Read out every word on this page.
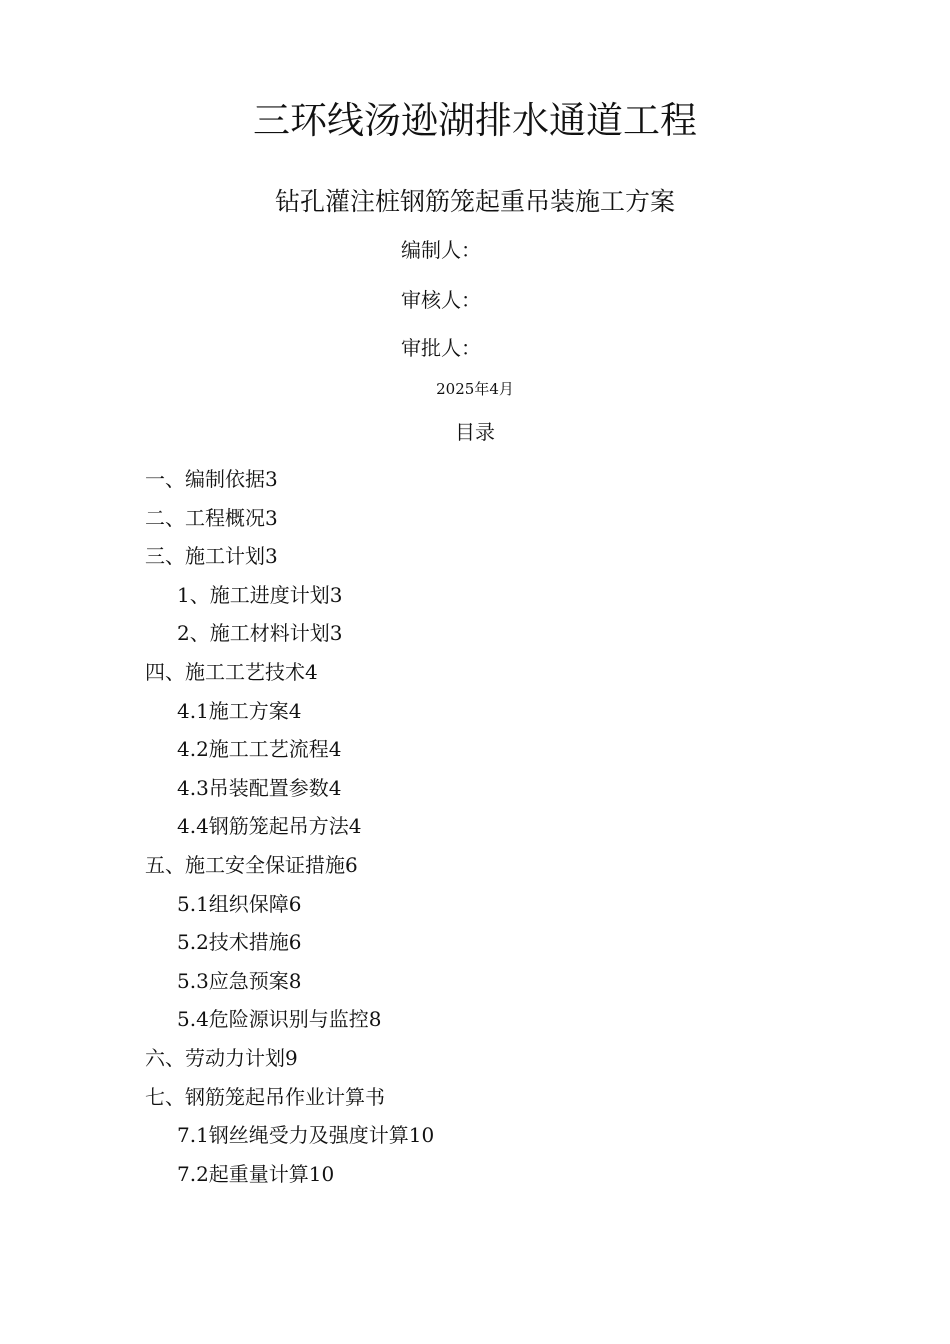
三环线汤逊湖排水通道工程
钻孔灌注桩钢筋笼起重吊装施工方案
编制人：
审核人：
审批人：
2025年4月
目录
一、编制依据3
二、工程概况3
三、施工计划3
1、施工进度计划3
2、施工材料计划3
四、施工工艺技术4
4.1施工方案4
4.2施工工艺流程4
4.3吊装配置参数4
4.4钢筋笼起吊方法4
五、施工安全保证措施6
5.1组织保障6
5.2技术措施6
5.3应急预案8
5.4危险源识别与监控8
六、劳动力计划9
七、钢筋笼起吊作业计算书
7.1钢丝绳受力及强度计算10
7.2起重量计算10
